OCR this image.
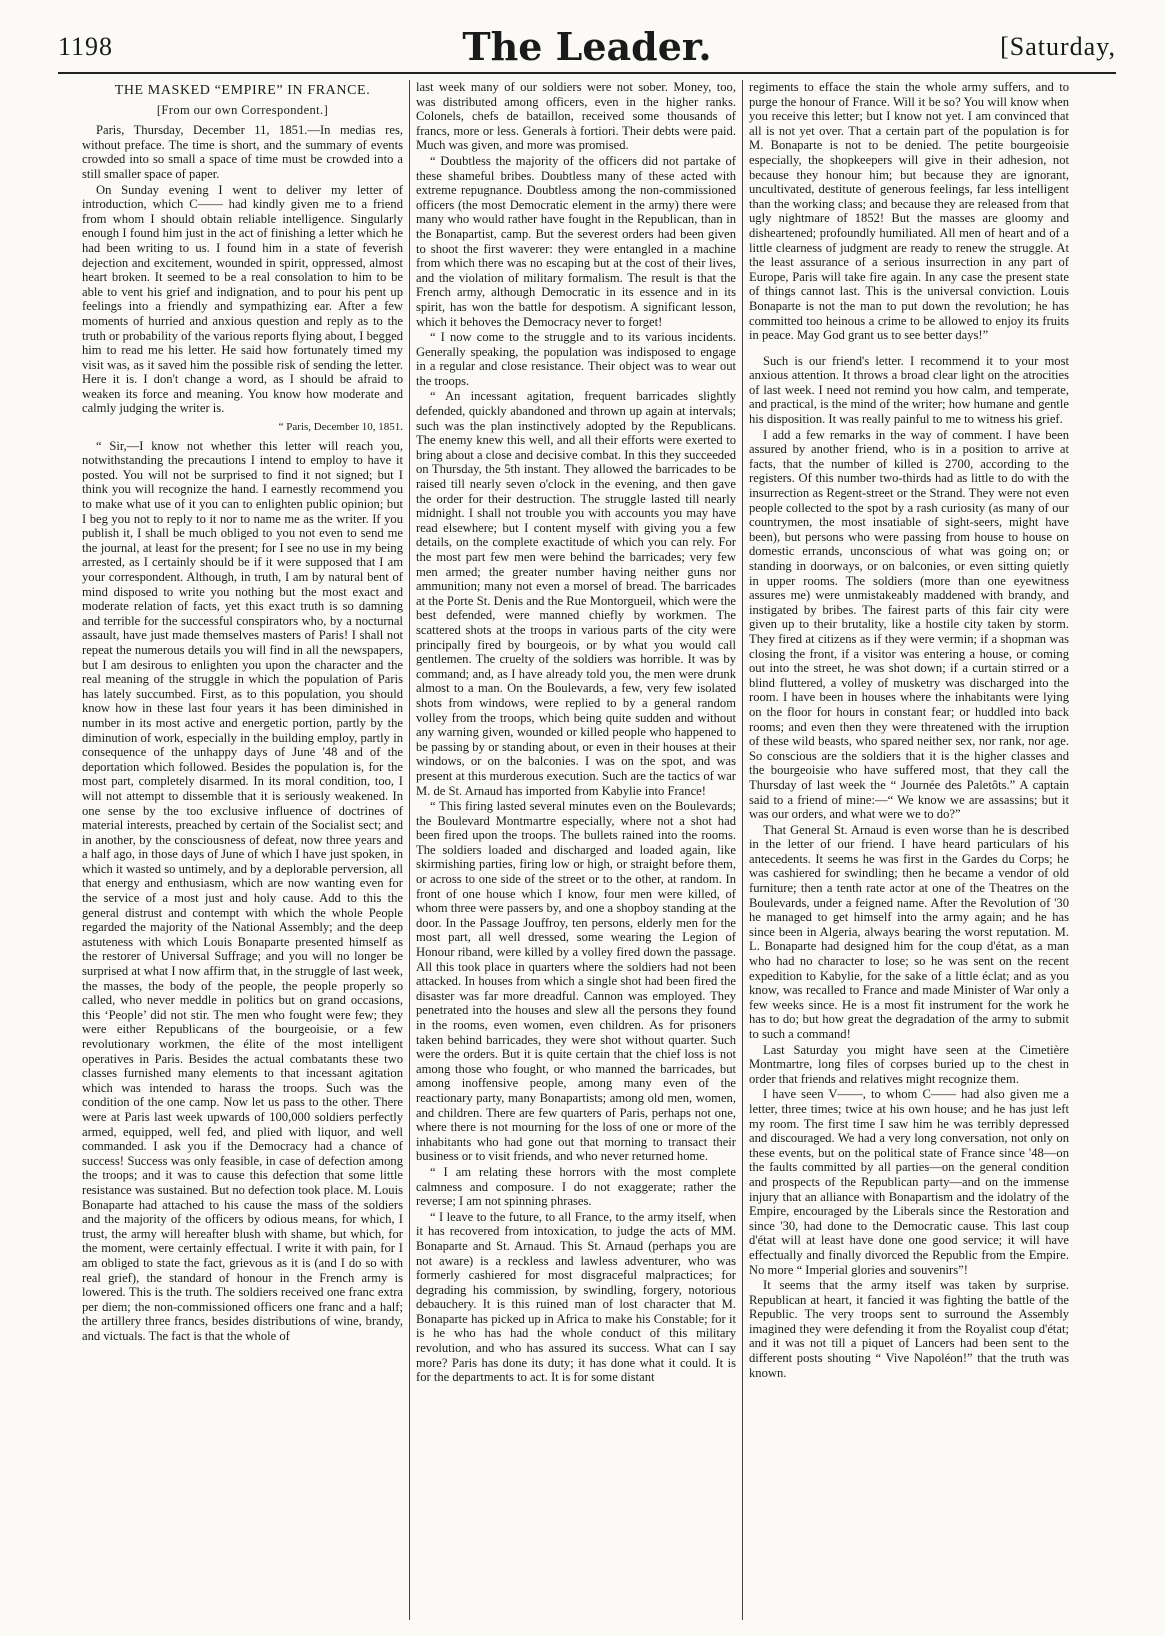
1198	The Leader.	[Saturday,
THE MASKED “EMPIRE” IN FRANCE.
[From our own Correspondent.]

Paris, Thursday, December 11, 1851.—In medias res, without preface. The time is short, and the summary of events crowded into so small a space of time must be crowded into a still smaller space of paper.

On Sunday evening I went to deliver my letter of introduction, which C—— had kindly given me to a friend from whom I should obtain reliable intelligence. Singularly enough I found him just in the act of finishing a letter which he had been writing to us. I found him in a state of feverish dejection and excitement, wounded in spirit, oppressed, almost heart broken. It seemed to be a real consolation to him to be able to vent his grief and indignation, and to pour his pent up feelings into a friendly and sympathizing ear. After a few moments of hurried and anxious question and reply as to the truth or probability of the various reports flying about, I begged him to read me his letter. He said how fortunately timed my visit was, as it saved him the possible risk of sending the letter. Here it is. I don't change a word, as I should be afraid to weaken its force and meaning. You know how moderate and calmly judging the writer is.

“ Paris, December 10, 1851.

“ Sir,—I know not whether this letter will reach you, notwithstanding the precautions I intend to employ to have it posted. You will not be surprised to find it not signed; but I think you will recognize the hand. I earnestly recommend you to make what use of it you can to enlighten public opinion; but I beg you not to reply to it nor to name me as the writer. If you publish it, I shall be much obliged to you not even to send me the journal, at least for the present; for I see no use in my being arrested, as I certainly should be if it were supposed that I am your correspondent. Although, in truth, I am by natural bent of mind disposed to write you nothing but the most exact and moderate relation of facts, yet this exact truth is so damning and terrible for the successful conspirators who, by a nocturnal assault, have just made themselves masters of Paris! I shall not repeat the numerous details you will find in all the newspapers, but I am desirous to enlighten you upon the character and the real meaning of the struggle in which the population of Paris has lately succumbed. First, as to this population, you should know how in these last four years it has been diminished in number in its most active and energetic portion, partly by the diminution of work, especially in the building employ, partly in consequence of the unhappy days of June '48 and of the deportation which followed. Besides the population is, for the most part, completely disarmed. In its moral condition, too, I will not attempt to dissemble that it is seriously weakened. In one sense by the too exclusive influence of doctrines of material interests, preached by certain of the Socialist sect; and in another, by the consciousness of defeat, now three years and a half ago, in those days of June of which I have just spoken, in which it wasted so untimely, and by a deplorable perversion, all that energy and enthusiasm, which are now wanting even for the service of a most just and holy cause. Add to this the general distrust and contempt with which the whole People regarded the majority of the National Assembly; and the deep astuteness with which Louis Bonaparte presented himself as the restorer of Universal Suffrage; and you will no longer be surprised at what I now affirm that, in the struggle of last week, the masses, the body of the people, the people properly so called, who never meddle in politics but on grand occasions, this ‘People’ did not stir. The men who fought were few; they were either Republicans of the bourgeoisie, or a few revolutionary workmen, the élite of the most intelligent operatives in Paris. Besides the actual combatants these two classes furnished many elements to that incessant agitation which was intended to harass the troops. Such was the condition of the one camp. Now let us pass to the other. There were at Paris last week upwards of 100,000 soldiers perfectly armed, equipped, well fed, and plied with liquor, and well commanded. I ask you if the Democracy had a chance of success! Success was only feasible, in case of defection among the troops; and it was to cause this defection that some little resistance was sustained. But no defection took place. M. Louis Bonaparte had attached to his cause the mass of the soldiers and the majority of the officers by odious means, for which, I trust, the army will hereafter blush with shame, but which, for the moment, were certainly effectual. I write it with pain, for I am obliged to state the fact, grievous as it is (and I do so with real grief), the standard of honour in the French army is lowered. This is the truth. The soldiers received one franc extra per diem; the non-commissioned officers one franc and a half; the artillery three francs, besides distributions of wine, brandy, and victuals. The fact is that the whole of

last week many of our soldiers were not sober. Money, too, was distributed among officers, even in the higher ranks. Colonels, chefs de bataillon, received some thousands of francs, more or less. Generals à fortiori. Their debts were paid. Much was given, and more was promised.

“ Doubtless the majority of the officers did not partake of these shameful bribes. Doubtless many of these acted with extreme repugnance. Doubtless among the non-commissioned officers (the most Democratic element in the army) there were many who would rather have fought in the Republican, than in the Bonapartist, camp. But the severest orders had been given to shoot the first waverer: they were entangled in a machine from which there was no escaping but at the cost of their lives, and the violation of military formalism. The result is that the French army, although Democratic in its essence and in its spirit, has won the battle for despotism. A significant lesson, which it behoves the Democracy never to forget!

“ I now come to the struggle and to its various incidents. Generally speaking, the population was indisposed to engage in a regular and close resistance. Their object was to wear out the troops.

“ An incessant agitation, frequent barricades slightly defended, quickly abandoned and thrown up again at intervals; such was the plan instinctively adopted by the Republicans. The enemy knew this well, and all their efforts were exerted to bring about a close and decisive combat. In this they succeeded on Thursday, the 5th instant. They allowed the barricades to be raised till nearly seven o'clock in the evening, and then gave the order for their destruction. The struggle lasted till nearly midnight. I shall not trouble you with accounts you may have read elsewhere; but I content myself with giving you a few details, on the complete exactitude of which you can rely. For the most part few men were behind the barricades; very few men armed; the greater number having neither guns nor ammunition; many not even a morsel of bread. The barricades at the Porte St. Denis and the Rue Montorgueil, which were the best defended, were manned chiefly by workmen. The scattered shots at the troops in various parts of the city were principally fired by bourgeois, or by what you would call gentlemen. The cruelty of the soldiers was horrible. It was by command; and, as I have already told you, the men were drunk almost to a man. On the Boulevards, a few, very few isolated shots from windows, were replied to by a general random volley from the troops, which being quite sudden and without any warning given, wounded or killed people who happened to be passing by or standing about, or even in their houses at their windows, or on the balconies. I was on the spot, and was present at this murderous execution. Such are the tactics of war M. de St. Arnaud has imported from Kabylie into France!

“ This firing lasted several minutes even on the Boulevards; the Boulevard Montmartre especially, where not a shot had been fired upon the troops. The bullets rained into the rooms. The soldiers loaded and discharged and loaded again, like skirmishing parties, firing low or high, or straight before them, or across to one side of the street or to the other, at random. In front of one house which I know, four men were killed, of whom three were passers by, and one a shopboy standing at the door. In the Passage Jouffroy, ten persons, elderly men for the most part, all well dressed, some wearing the Legion of Honour riband, were killed by a volley fired down the passage. All this took place in quarters where the soldiers had not been attacked. In houses from which a single shot had been fired the disaster was far more dreadful. Cannon was employed. They penetrated into the houses and slew all the persons they found in the rooms, even women, even children. As for prisoners taken behind barricades, they were shot without quarter. Such were the orders. But it is quite certain that the chief loss is not among those who fought, or who manned the barricades, but among inoffensive people, among many even of the reactionary party, many Bonapartists; among old men, women, and children. There are few quarters of Paris, perhaps not one, where there is not mourning for the loss of one or more of the inhabitants who had gone out that morning to transact their business or to visit friends, and who never returned home.

“ I am relating these horrors with the most complete calmness and composure. I do not exaggerate; rather the reverse; I am not spinning phrases.

“ I leave to the future, to all France, to the army itself, when it has recovered from intoxication, to judge the acts of MM. Bonaparte and St. Arnaud. This St. Arnaud (perhaps you are not aware) is a reckless and lawless adventurer, who was formerly cashiered for most disgraceful malpractices; for degrading his commission, by swindling, forgery, notorious debauchery. It is this ruined man of lost character that M. Bonaparte has picked up in Africa to make his Constable; for it is he who has had the whole conduct of this military revolution, and who has assured its success. What can I say more? Paris has done its duty; it has done what it could. It is for the departments to act. It is for some distant

regiments to efface the stain the whole army suffers, and to purge the honour of France. Will it be so? You will know when you receive this letter; but I know not yet. I am convinced that all is not yet over. That a certain part of the population is for M. Bonaparte is not to be denied. The petite bourgeoisie especially, the shopkeepers will give in their adhesion, not because they honour him; but because they are ignorant, uncultivated, destitute of generous feelings, far less intelligent than the working class; and because they are released from that ugly nightmare of 1852! But the masses are gloomy and disheartened; profoundly humiliated. All men of heart and of a little clearness of judgment are ready to renew the struggle. At the least assurance of a serious insurrection in any part of Europe, Paris will take fire again. In any case the present state of things cannot last. This is the universal conviction. Louis Bonaparte is not the man to put down the revolution; he has committed too heinous a crime to be allowed to enjoy its fruits in peace. May God grant us to see better days!”

Such is our friend's letter. I recommend it to your most anxious attention. It throws a broad clear light on the atrocities of last week. I need not remind you how calm, and temperate, and practical, is the mind of the writer; how humane and gentle his disposition. It was really painful to me to witness his grief.

I add a few remarks in the way of comment. I have been assured by another friend, who is in a position to arrive at facts, that the number of killed is 2700, according to the registers. Of this number two-thirds had as little to do with the insurrection as Regent-street or the Strand. They were not even people collected to the spot by a rash curiosity (as many of our countrymen, the most insatiable of sight-seers, might have been), but persons who were passing from house to house on domestic errands, unconscious of what was going on; or standing in doorways, or on balconies, or even sitting quietly in upper rooms. The soldiers (more than one eyewitness assures me) were unmistakeably maddened with brandy, and instigated by bribes. The fairest parts of this fair city were given up to their brutality, like a hostile city taken by storm. They fired at citizens as if they were vermin; if a shopman was closing the front, if a visitor was entering a house, or coming out into the street, he was shot down; if a curtain stirred or a blind fluttered, a volley of musketry was discharged into the room. I have been in houses where the inhabitants were lying on the floor for hours in constant fear; or huddled into back rooms; and even then they were threatened with the irruption of these wild beasts, who spared neither sex, nor rank, nor age. So conscious are the soldiers that it is the higher classes and the bourgeoisie who have suffered most, that they call the Thursday of last week the “ Journée des Paletôts.” A captain said to a friend of mine:—“ We know we are assassins; but it was our orders, and what were we to do?”

That General St. Arnaud is even worse than he is described in the letter of our friend. I have heard particulars of his antecedents. It seems he was first in the Gardes du Corps; he was cashiered for swindling; then he became a vendor of old furniture; then a tenth rate actor at one of the Theatres on the Boulevards, under a feigned name. After the Revolution of '30 he managed to get himself into the army again; and he has since been in Algeria, always bearing the worst reputation. M. L. Bonaparte had designed him for the coup d'état, as a man who had no character to lose; so he was sent on the recent expedition to Kabylie, for the sake of a little éclat; and as you know, was recalled to France and made Minister of War only a few weeks since. He is a most fit instrument for the work he has to do; but how great the degradation of the army to submit to such a command!

Last Saturday you might have seen at the Cimetière Montmartre, long files of corpses buried up to the chest in order that friends and relatives might recognize them.

I have seen V——, to whom C—— had also given me a letter, three times; twice at his own house; and he has just left my room. The first time I saw him he was terribly depressed and discouraged. We had a very long conversation, not only on these events, but on the political state of France since '48—on the faults committed by all parties—on the general condition and prospects of the Republican party—and on the immense injury that an alliance with Bonapartism and the idolatry of the Empire, encouraged by the Liberals since the Restoration and since '30, had done to the Democratic cause. This last coup d'état will at least have done one good service; it will have effectually and finally divorced the Republic from the Empire. No more “ Imperial glories and souvenirs”!

It seems that the army itself was taken by surprise. Republican at heart, it fancied it was fighting the battle of the Republic. The very troops sent to surround the Assembly imagined they were defending it from the Royalist coup d'état; and it was not till a piquet of Lancers had been sent to the different posts shouting “ Vive Napoléon!” that the truth was known.
